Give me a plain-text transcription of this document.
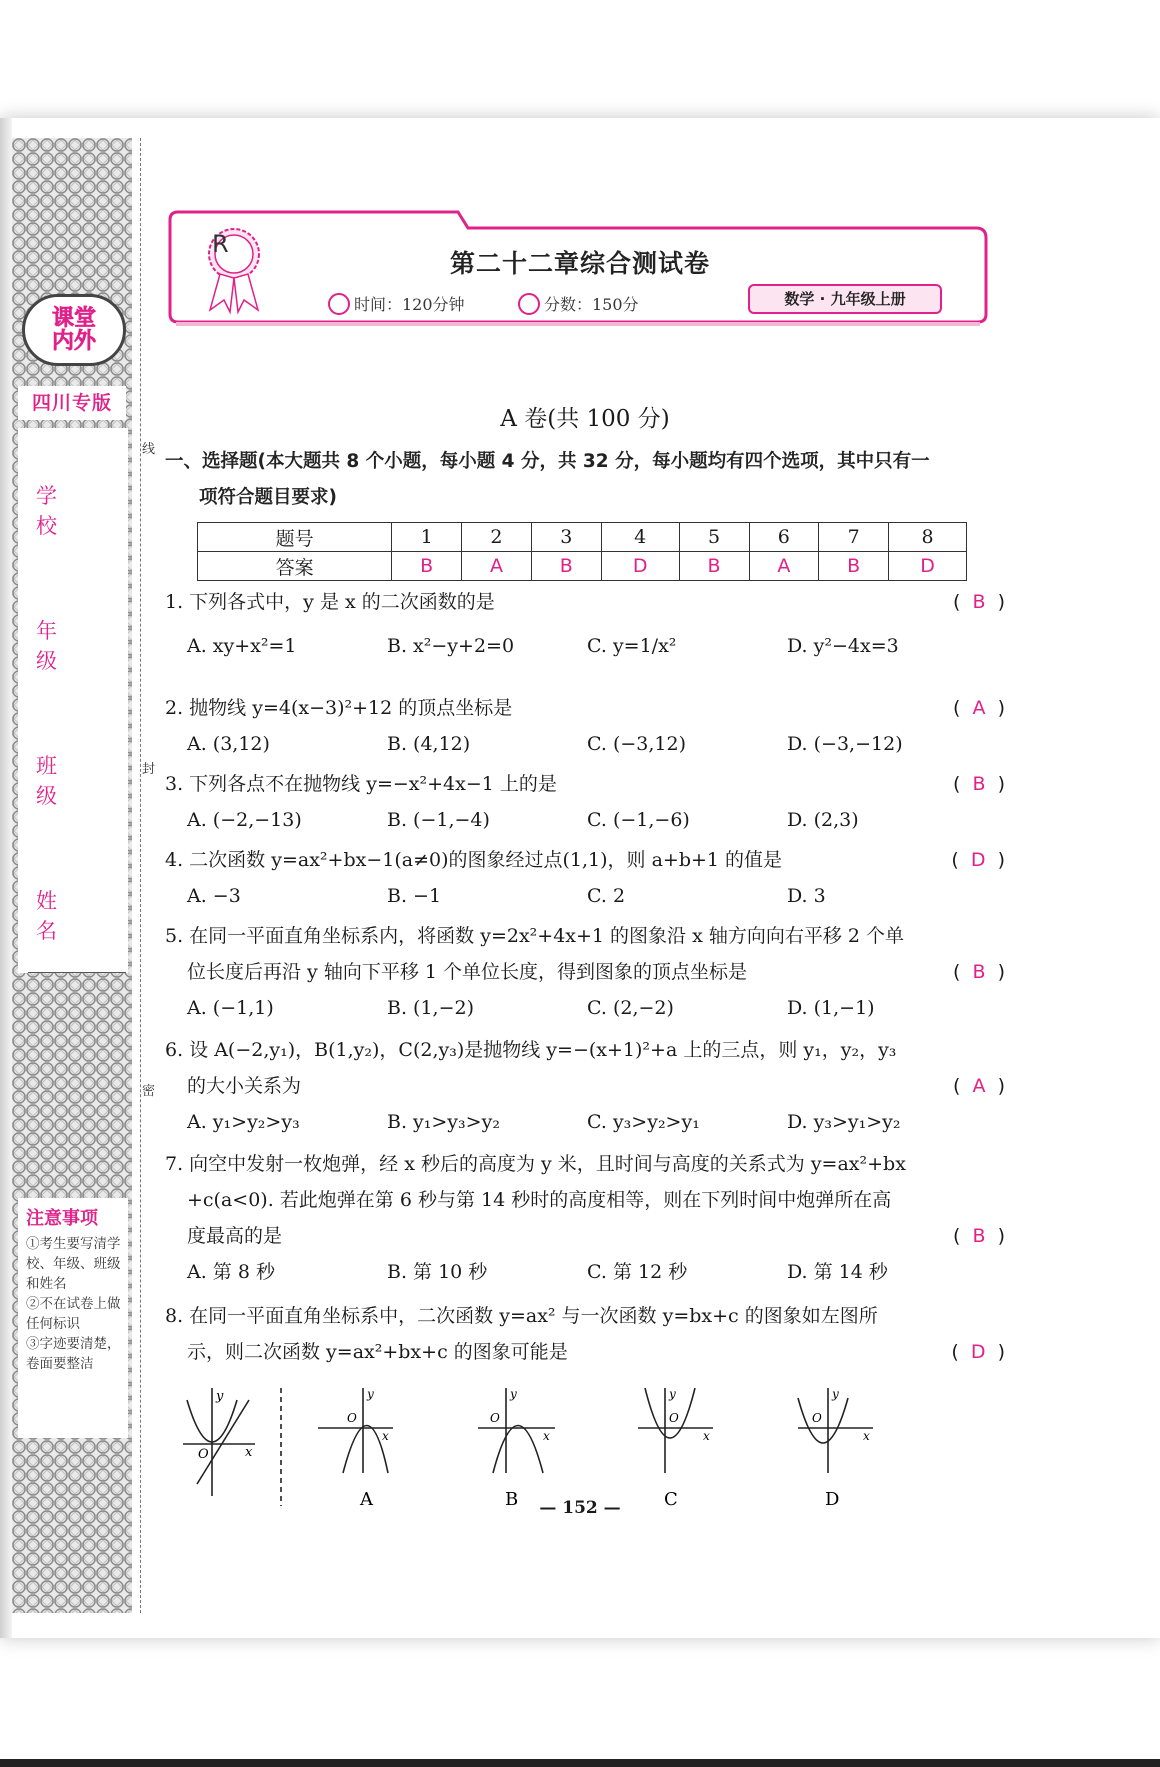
课堂
内外
四川专版
学 校
年 级
班 级
姓 名
注意事项
①考生要写清学校、年级、班级和姓名
②不在试卷上做任何标识
③字迹要清楚，卷面要整洁
线
封
密
R
第二十二章综合测试卷
时间：120分钟	分数：150分	数学 · 九年级上册
A 卷(共 100 分)
一、选择题(本大题共 8 个小题，每小题 4 分，共 32 分，每小题均有四个选项，其中只有一
项符合题目要求)
题号	1	2	3	4	5	6	7	8
答案	B	A	B	D	B	A	B	D
1. 下列各式中，y 是 x 的二次函数的是	(  B  )
A. xy+x²=1	B. x²−y+2=0	C. y=1/x²	D. y²−4x=3
2. 抛物线 y=4(x−3)²+12 的顶点坐标是	(  A  )
A. (3,12)	B. (4,12)	C. (−3,12)	D. (−3,−12)
3. 下列各点不在抛物线 y=−x²+4x−1 上的是	(  B  )
A. (−2,−13)	B. (−1,−4)	C. (−1,−6)	D. (2,3)
4. 二次函数 y=ax²+bx−1(a≠0)的图象经过点(1,1)，则 a+b+1 的值是	(  D  )
A. −3	B. −1	C. 2	D. 3
5. 在同一平面直角坐标系内，将函数 y=2x²+4x+1 的图象沿 x 轴方向向右平移 2 个单
位长度后再沿 y 轴向下平移 1 个单位长度，得到图象的顶点坐标是	(  B  )
A. (−1,1)	B. (1,−2)	C. (2,−2)	D. (1,−1)
6. 设 A(−2,y₁)，B(1,y₂)，C(2,y₃)是抛物线 y=−(x+1)²+a 上的三点，则 y₁，y₂，y₃
的大小关系为	(  A  )
A. y₁>y₂>y₃	B. y₁>y₃>y₂	C. y₃>y₂>y₁	D. y₃>y₁>y₂
7. 向空中发射一枚炮弹，经 x 秒后的高度为 y 米，且时间与高度的关系式为 y=ax²+bx
+c(a<0). 若此炮弹在第 6 秒与第 14 秒时的高度相等，则在下列时间中炮弹所在高
度最高的是	(  B  )
A. 第 8 秒	B. 第 10 秒	C. 第 12 秒	D. 第 14 秒
8. 在同一平面直角坐标系中，二次函数 y=ax² 与一次函数 y=bx+c 的图象如左图所
示，则二次函数 y=ax²+bx+c 的图象可能是	(  D  )
y
x
O
y
x
O
A
y
x
O
B
y
x
O
C
y
x
O
D
— 152 —
